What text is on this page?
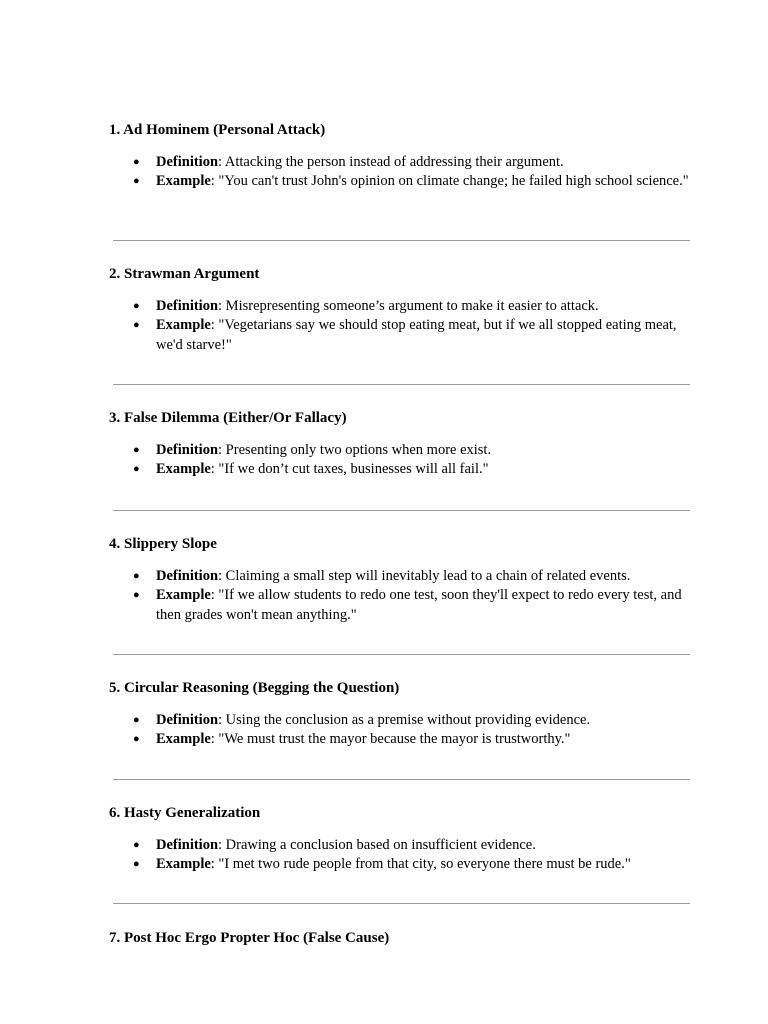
1. Ad Hominem (Personal Attack)
● Definition: Attacking the person instead of addressing their argument.
● Example: "You can't trust John's opinion on climate change; he failed high school science."
2. Strawman Argument
● Definition: Misrepresenting someone’s argument to make it easier to attack.
● Example: "Vegetarians say we should stop eating meat, but if we all stopped eating meat, we'd starve!"
3. False Dilemma (Either/Or Fallacy)
● Definition: Presenting only two options when more exist.
● Example: "If we don’t cut taxes, businesses will all fail."
4. Slippery Slope
● Definition: Claiming a small step will inevitably lead to a chain of related events.
● Example: "If we allow students to redo one test, soon they'll expect to redo every test, and then grades won't mean anything."
5. Circular Reasoning (Begging the Question)
● Definition: Using the conclusion as a premise without providing evidence.
● Example: "We must trust the mayor because the mayor is trustworthy."
6. Hasty Generalization
● Definition: Drawing a conclusion based on insufficient evidence.
● Example: "I met two rude people from that city, so everyone there must be rude."
7. Post Hoc Ergo Propter Hoc (False Cause)
